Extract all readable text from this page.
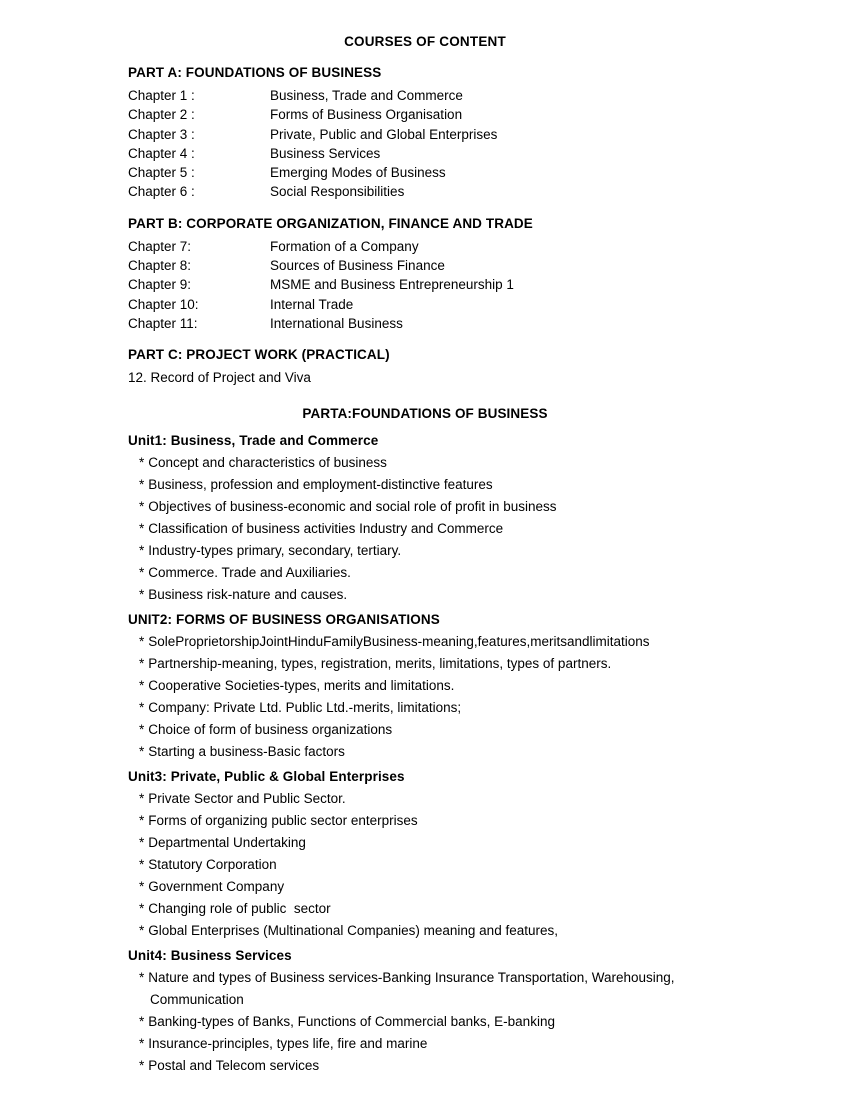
COURSES OF CONTENT
PART A: FOUNDATIONS OF BUSINESS
Chapter 1 :	Business, Trade and Commerce
Chapter 2 :	Forms of Business Organisation
Chapter 3 :	Private, Public and Global Enterprises
Chapter 4 :	Business Services
Chapter 5 :	Emerging Modes of Business
Chapter 6 :	Social Responsibilities
PART B: CORPORATE ORGANIZATION, FINANCE AND TRADE
Chapter 7:	Formation of a Company
Chapter 8:	Sources of Business Finance
Chapter 9:	MSME and Business Entrepreneurship 1
Chapter 10:	Internal Trade
Chapter 11:	International Business
PART C: PROJECT WORK (PRACTICAL)
12. Record of Project and Viva
PARTA:FOUNDATIONS OF BUSINESS
Unit1: Business, Trade and Commerce
* Concept and characteristics of business
* Business, profession and employment-distinctive features
* Objectives of business-economic and social role of profit in business
* Classification of business activities Industry and Commerce
* Industry-types primary, secondary, tertiary.
* Commerce. Trade and Auxiliaries.
* Business risk-nature and causes.
UNIT2: FORMS OF BUSINESS ORGANISATIONS
* SoleProprietorshipJointHinduFamilyBusiness-meaning,features,meritsandlimitations
* Partnership-meaning, types, registration, merits, limitations, types of partners.
* Cooperative Societies-types, merits and limitations.
* Company: Private Ltd. Public Ltd.-merits, limitations;
* Choice of form of business organizations
* Starting a business-Basic factors
Unit3: Private, Public & Global Enterprises
* Private Sector and Public Sector.
* Forms of organizing public sector enterprises
* Departmental Undertaking
* Statutory Corporation
* Government Company
* Changing role of public  sector
* Global Enterprises (Multinational Companies) meaning and features,
Unit4: Business Services
* Nature and types of Business services-Banking Insurance Transportation, Warehousing, Communication
* Banking-types of Banks, Functions of Commercial banks, E-banking
* Insurance-principles, types life, fire and marine
* Postal and Telecom services
